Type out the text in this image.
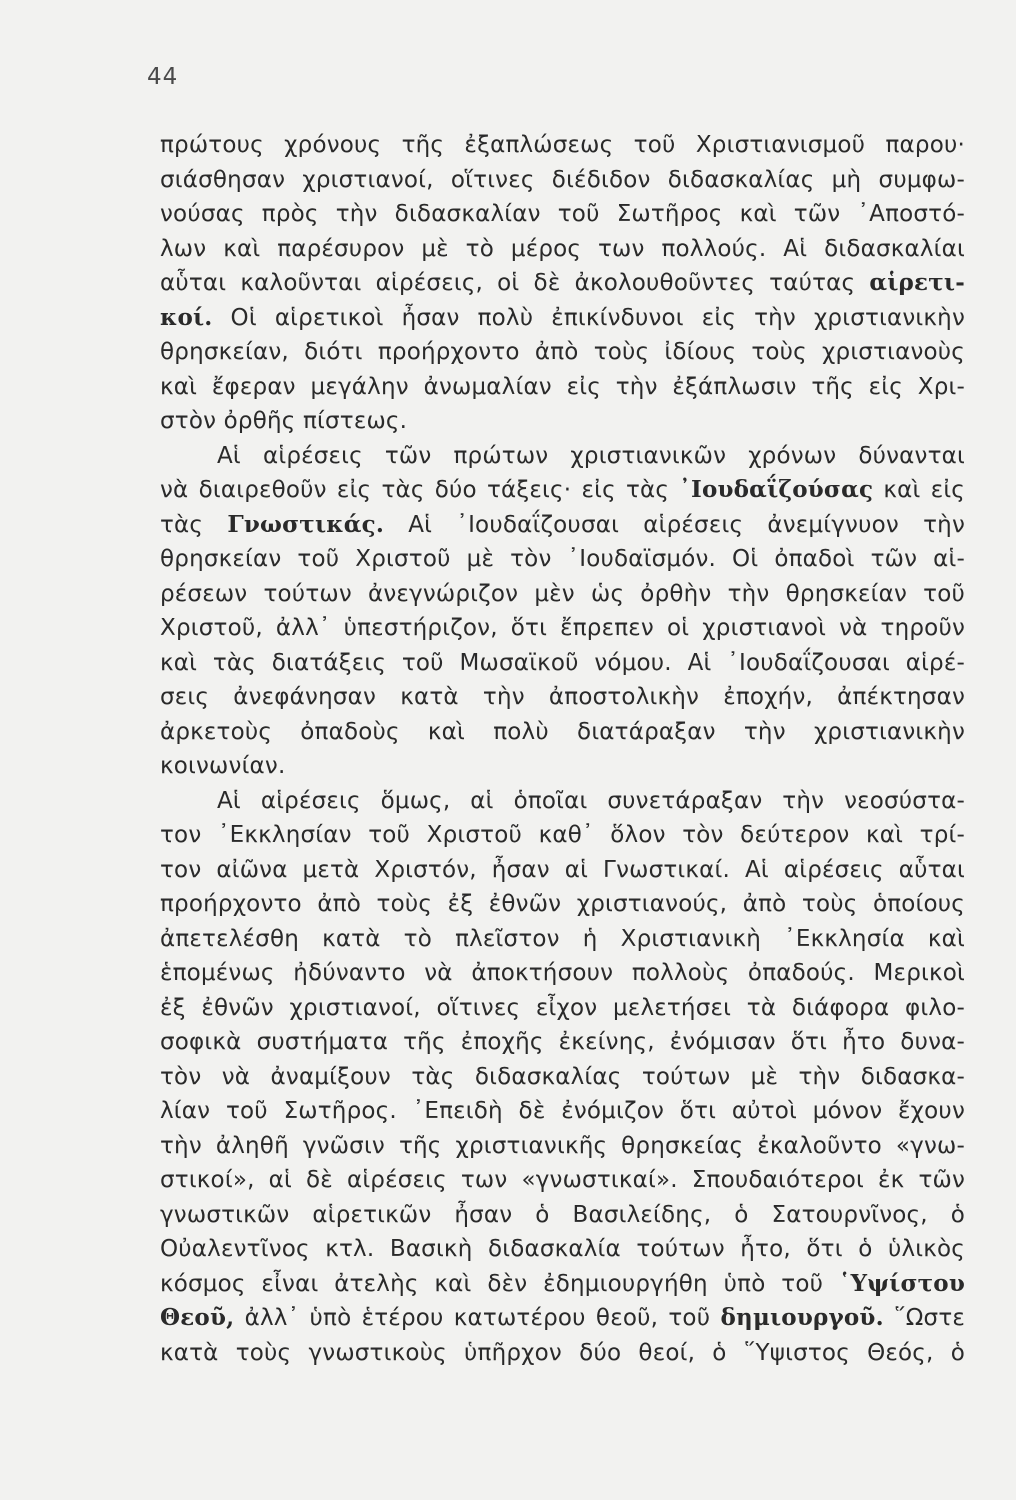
44
πρώτους χρόνους τῆς ἐξαπλώσεως τοῦ Χριστιανισμοῦ παρου·
σιάσθησαν χριστιανοί, οἵτινες διέδιδον διδασκαλίας μὴ συμφω-
νούσας πρὸς τὴν διδασκαλίαν τοῦ Σωτῆρος καὶ τῶν ᾿Αποστό-
λων καὶ παρέσυρον μὲ τὸ μέρος των πολλούς. Αἱ διδασκαλίαι
αὗται καλοῦνται αἱρέσεις, οἱ δὲ ἀκολουθοῦντες ταύτας αἱρετι-
κοί. Οἱ αἱρετικοὶ ἦσαν πολὺ ἐπικίνδυνοι εἰς τὴν χριστιανικὴν
θρησκείαν, διότι προήρχοντο ἀπὸ τοὺς ἰδίους τοὺς χριστιανοὺς
καὶ ἔφεραν μεγάλην ἀνωμαλίαν εἰς τὴν ἐξάπλωσιν τῆς εἰς Χρι-
στὸν ὀρθῆς πίστεως.
Αἱ αἱρέσεις τῶν πρώτων χριστιανικῶν χρόνων δύνανται
νὰ διαιρεθοῦν εἰς τὰς δύο τάξεις· εἰς τὰς ᾿Ιουδαΐζούσας καὶ εἰς
τὰς Γνωστικάς. Αἱ ᾿Ιουδαΐζουσαι αἱρέσεις ἀνεμίγνυον τὴν
θρησκείαν τοῦ Χριστοῦ μὲ τὸν ᾿Ιουδαϊσμόν. Οἱ ὀπαδοὶ τῶν αἱ-
ρέσεων τούτων ἀνεγνώριζον μὲν ὡς ὀρθὴν τὴν θρησκείαν τοῦ
Χριστοῦ, ἀλλ᾿ ὑπεστήριζον, ὅτι ἔπρεπεν οἱ χριστιανοὶ νὰ τηροῦν
καὶ τὰς διατάξεις τοῦ Μωσαϊκοῦ νόμου. Αἱ ᾿Ιουδαΐζουσαι αἱρέ-
σεις ἀνεφάνησαν κατὰ τὴν ἀποστολικὴν ἐποχήν, ἀπέκτησαν
ἀρκετοὺς ὀπαδοὺς καὶ πολὺ διατάραξαν τὴν χριστιανικὴν
κοινωνίαν.
Αἱ αἱρέσεις ὅμως, αἱ ὁποῖαι συνετάραξαν τὴν νεοσύστα-
τον ᾿Εκκλησίαν τοῦ Χριστοῦ καθ᾿ ὅλον τὸν δεύτερον καὶ τρί-
τον αἰῶνα μετὰ Χριστόν, ἦσαν αἱ Γνωστικαί. Αἱ αἱρέσεις αὗται
προήρχοντο ἀπὸ τοὺς ἐξ ἐθνῶν χριστιανούς, ἀπὸ τοὺς ὁποίους
ἀπετελέσθη κατὰ τὸ πλεῖστον ἡ Χριστιανικὴ ᾿Εκκλησία καὶ
ἑπομένως ἠδύναντο νὰ ἀποκτήσουν πολλοὺς ὀπαδούς. Μερικοὶ
ἐξ ἐθνῶν χριστιανοί, οἵτινες εἶχον μελετήσει τὰ διάφορα φιλο-
σοφικὰ συστήματα τῆς ἐποχῆς ἐκείνης, ἐνόμισαν ὅτι ἦτο δυνα-
τὸν νὰ ἀναμίξουν τὰς διδασκαλίας τούτων μὲ τὴν διδασκα-
λίαν τοῦ Σωτῆρος. ᾿Επειδὴ δὲ ἐνόμιζον ὅτι αὐτοὶ μόνον ἔχουν
τὴν ἀληθῆ γνῶσιν τῆς χριστιανικῆς θρησκείας ἐκαλοῦντο «γνω-
στικοί», αἱ δὲ αἱρέσεις των «γνωστικαί». Σπουδαιότεροι ἐκ τῶν
γνωστικῶν αἱρετικῶν ἦσαν ὁ Βασιλείδης, ὁ Σατουρνῖνος, ὁ
Οὐαλεντῖνος κτλ. Βασικὴ διδασκαλία τούτων ἦτο, ὅτι ὁ ὑλικὸς
κόσμος εἶναι ἀτελὴς καὶ δὲν ἐδημιουργήθη ὑπὸ τοῦ ῾Υψίστου
Θεοῦ, ἀλλ᾿ ὑπὸ ἑτέρου κατωτέρου θεοῦ, τοῦ δημιουργοῦ. ῞Ωστε
κατὰ τοὺς γνωστικοὺς ὑπῆρχον δύο θεοί, ὁ ῞Υψιστος Θεός, ὁ
